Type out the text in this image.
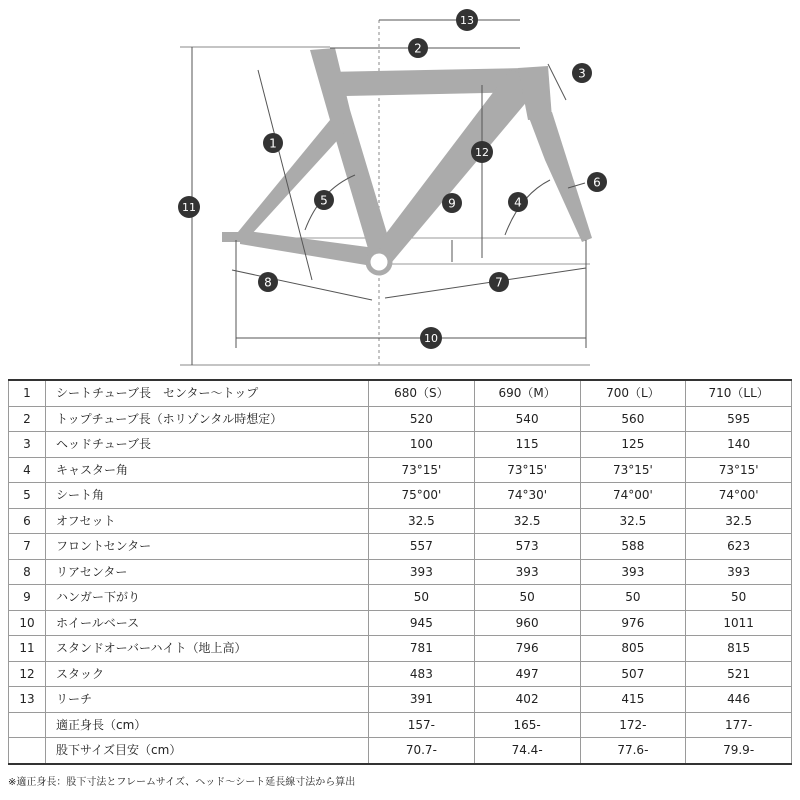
1
2
3
4
5
6
7
8
9
10
11
12
13
1	シートチューブ長　センター～トップ	680（S）	690（M）	700（L）	710（LL）
2	トップチューブ長（ホリゾンタル時想定）	520	540	560	595
3	ヘッドチューブ長	100	115	125	140
4	キャスター角	73°15'	73°15'	73°15'	73°15'
5	シート角	75°00'	74°30'	74°00'	74°00'
6	オフセット	32.5	32.5	32.5	32.5
7	フロントセンター	557	573	588	623
8	リアセンター	393	393	393	393
9	ハンガー下がり	50	50	50	50
10	ホイールベース	945	960	976	1011
11	スタンドオーバーハイト（地上高）	781	796	805	815
12	スタック	483	497	507	521
13	リーチ	391	402	415	446
	適正身長（cm）	157-	165-	172-	177-
	股下サイズ目安（cm）	70.7-	74.4-	77.6-	79.9-
※適正身長：股下寸法とフレームサイズ、ヘッド～シート延長線寸法から算出
